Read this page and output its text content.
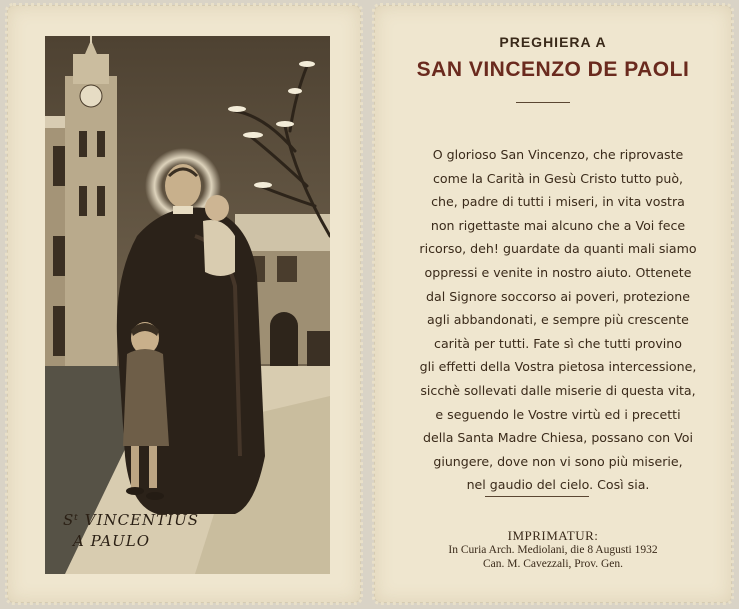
Sᵗ VINCENTIUS
A PAULO
PREGHIERA A
SAN VINCENZO DE PAOLI
O glorioso San Vincenzo, che riprovaste
come la Carità in Gesù Cristo tutto può,
che, padre di tutti i miseri, in vita vostra
non rigettaste mai alcuno che a Voi fece
ricorso, deh! guardate da quanti mali siamo
oppressi e venite in nostro aiuto. Ottenete
dal Signore soccorso ai poveri, protezione
agli abbandonati, e sempre più crescente
carità per tutti. Fate sì che tutti provino
gli effetti della Vostra pietosa intercessione,
sicchè sollevati dalle miserie di questa vita,
e seguendo le Vostre virtù ed i precetti
della Santa Madre Chiesa, possano con Voi
giungere, dove non vi sono più miserie,
nel gaudio del cielo. Così sia.
IMPRIMATUR:
In Curia Arch. Mediolani, die 8 Augusti 1932
Can. M. Cavezzali, Prov. Gen.
